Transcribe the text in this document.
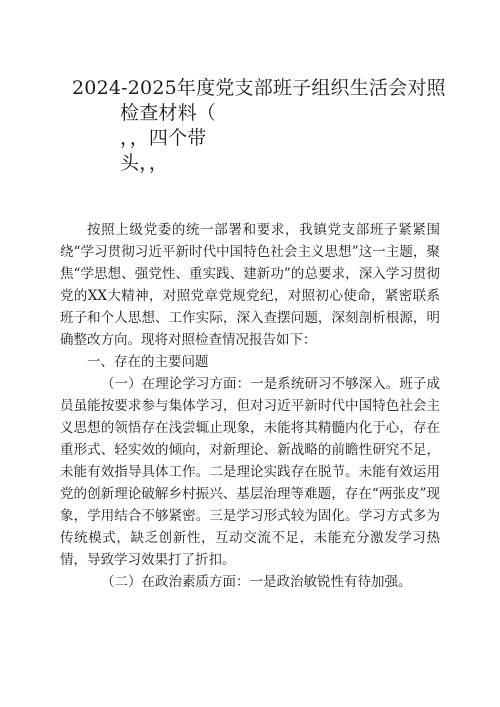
2024-2025年度党支部班子组织生活会对照
检查材料（
，，四个带
头，，

按照上级党委的统一部署和要求，我镇党支部班子紧紧围绕“学习贯彻习近平新时代中国特色社会主义思想”这一主题，聚焦“学思想、强党性、重实践、建新功”的总要求，深入学习贯彻党的XX大精神，对照党章党规党纪，对照初心使命，紧密联系班子和个人思想、工作实际，深入查摆问题，深刻剖析根源，明确整改方向。现将对照检查情况报告如下：

一、存在的主要问题

（一）在理论学习方面：一是系统研习不够深入。班子成员虽能按要求参与集体学习，但对习近平新时代中国特色社会主义思想的领悟存在浅尝辄止现象，未能将其精髓内化于心，存在重形式、轻实效的倾向，对新理论、新战略的前瞻性研究不足，未能有效指导具体工作。二是理论实践存在脱节。未能有效运用党的创新理论破解乡村振兴、基层治理等难题，存在“两张皮”现象，学用结合不够紧密。三是学习形式较为固化。学习方式多为传统模式，缺乏创新性，互动交流不足，未能充分激发学习热情，导致学习效果打了折扣。

（二）在政治素质方面：一是政治敏锐性有待加强。
